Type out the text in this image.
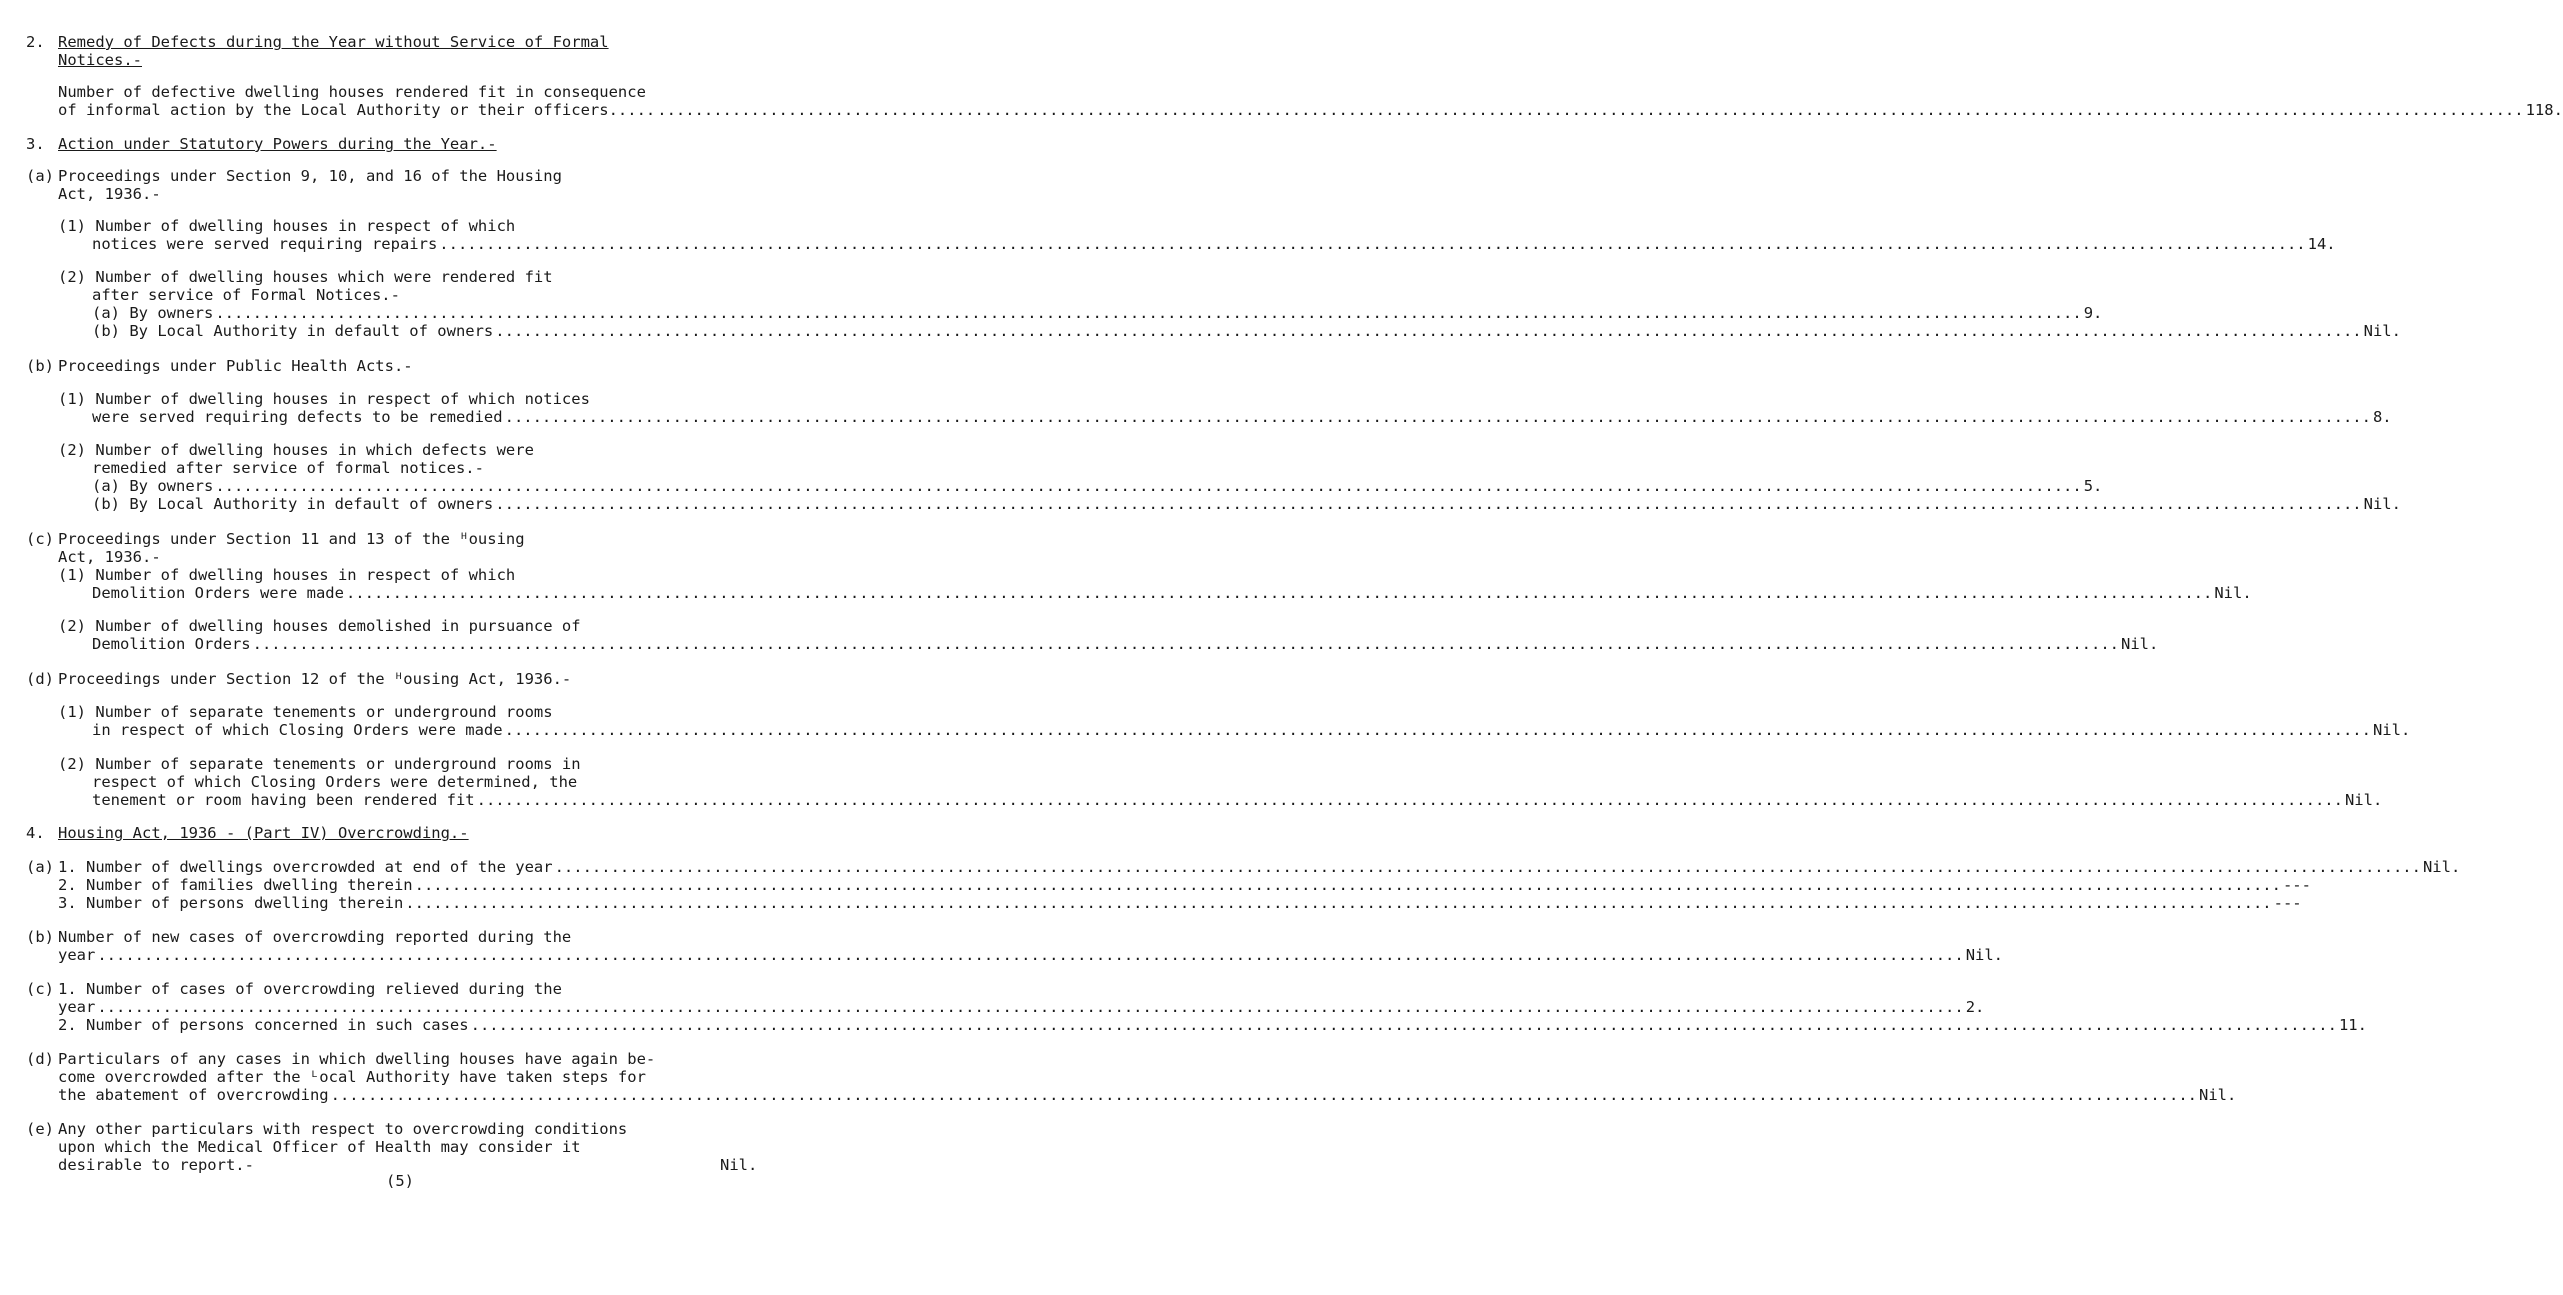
2. Remedy of Defects during the Year without Service of Formal
Notices.-
Number of defective dwelling houses rendered fit in consequence
of informal action by the Local Authority or their officers..... ........................................................................................................................................................................................................ 118.
3. Action under Statutory Powers during the Year.-
(a) Proceedings under Section 9, 10, and 16 of the Housing
Act, 1936.-
(1) Number of dwelling houses in respect of which
notices were served requiring repairs ........................................................................................................................................................................................................ 14.
(2) Number of dwelling houses which were rendered fit
after service of Formal Notices.-
(a) By owners ........................................................................................................................................................................................................ 9.
(b) By Local Authority in default of owners ........................................................................................................................................................................................................ Nil.
(b) Proceedings under Public Health Acts.-
(1) Number of dwelling houses in respect of which notices
were served requiring defects to be remedied ........................................................................................................................................................................................................ 8.
(2) Number of dwelling houses in which defects were
remedied after service of formal notices.-
(a) By owners ........................................................................................................................................................................................................ 5.
(b) By Local Authority in default of owners ........................................................................................................................................................................................................ Nil.
(c) Proceedings under Section 11 and 13 of the ᴴousing
Act, 1936.-
(1) Number of dwelling houses in respect of which
Demolition Orders were made ........................................................................................................................................................................................................ Nil.
(2) Number of dwelling houses demolished in pursuance of
Demolition Orders ........................................................................................................................................................................................................ Nil.
(d) Proceedings under Section 12 of the ᴴousing Act, 1936.-
(1) Number of separate tenements or underground rooms
in respect of which Closing Orders were made ........................................................................................................................................................................................................ Nil.
(2) Number of separate tenements or underground rooms in
respect of which Closing Orders were determined, the
tenement or room having been rendered fit ........................................................................................................................................................................................................ Nil.
4. Housing Act, 1936 - (Part IV) Overcrowding.-
(a) 1. Number of dwellings overcrowded at end of the year ........................................................................................................................................................................................................ Nil.
2. Number of families dwelling therein ........................................................................................................................................................................................................ ---
3. Number of persons dwelling therein ........................................................................................................................................................................................................ ---
(b) Number of new cases of overcrowding reported during the
year ........................................................................................................................................................................................................ Nil.
(c) 1. Number of cases of overcrowding relieved during the
year ........................................................................................................................................................................................................ 2.
2. Number of persons concerned in such cases ........................................................................................................................................................................................................ 11.
(d) Particulars of any cases in which dwelling houses have again be-
come overcrowded after the ᴸocal Authority have taken steps for
the abatement of overcrowding ........................................................................................................................................................................................................ Nil.
(e) Any other particulars with respect to overcrowding conditions
upon which the Medical Officer of Health may consider it
desirable to report.-	Nil.
(5)
